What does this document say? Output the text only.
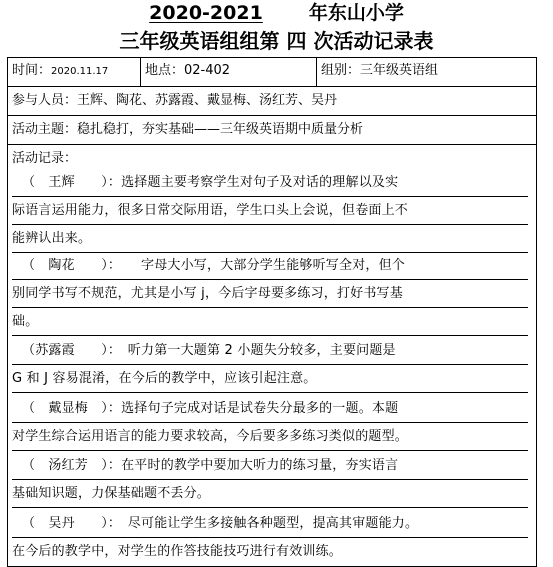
2020-2021 年东山小学
三年级英语组组第 四 次活动记录表
时间：2020.11.17	地点：02-402	组别：三年级英语组
参与人员：王辉、陶花、苏露霞、戴显梅、汤红芳、吴丹
活动主题：稳扎稳打，夯实基础——三年级英语期中质量分析
活动记录：
（　王辉　　）：选择题主要考察学生对句子及对话的理解以及实
际语言运用能力，很多日常交际用语，学生口头上会说，但卷面上不
能辨认出来。
（　陶花　　）：　　字母大小写，大部分学生能够听写全对，但个
别同学书写不规范，尤其是小写 j，今后字母要多练习，打好书写基
础。
（苏露霞　　）：　听力第一大题第 2 小题失分较多，主要问题是
G 和 J 容易混淆，在今后的教学中，应该引起注意。
（　戴显梅　）：选择句子完成对话是试卷失分最多的一题。本题
对学生综合运用语言的能力要求较高，今后要多多练习类似的题型。
（　汤红芳　）：在平时的教学中要加大听力的练习量，夯实语言
基础知识题，力保基础题不丢分。
（　吴丹　　）：　尽可能让学生多接触各种题型，提高其审题能力。
在今后的教学中，对学生的作答技能技巧进行有效训练。
